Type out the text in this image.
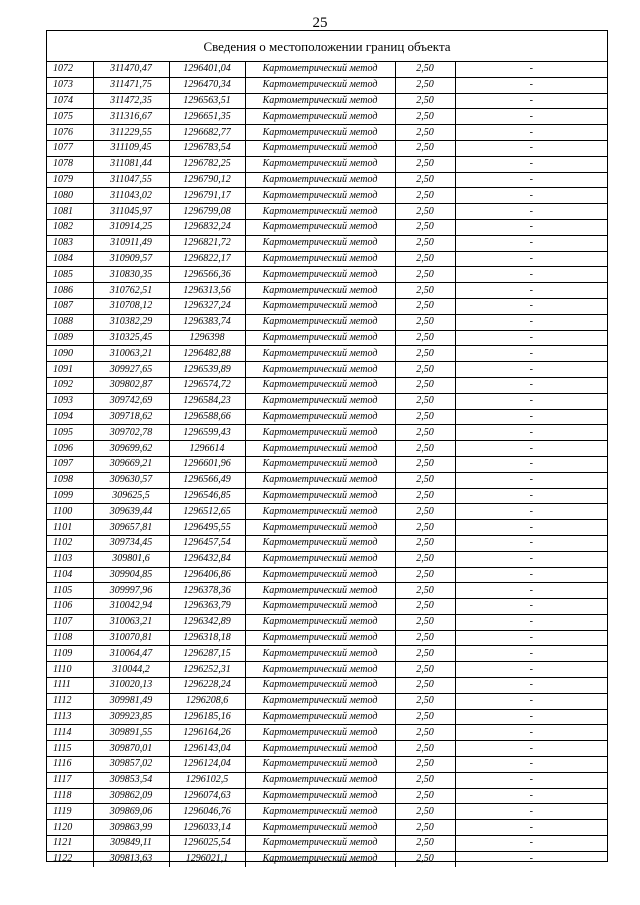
25
Сведения о местоположении границ объекта
1072	311470,47	1296401,04	Картометрический метод	2,50	-
1073	311471,75	1296470,34	Картометрический метод	2,50	-
1074	311472,35	1296563,51	Картометрический метод	2,50	-
1075	311316,67	1296651,35	Картометрический метод	2,50	-
1076	311229,55	1296682,77	Картометрический метод	2,50	-
1077	311109,45	1296783,54	Картометрический метод	2,50	-
1078	311081,44	1296782,25	Картометрический метод	2,50	-
1079	311047,55	1296790,12	Картометрический метод	2,50	-
1080	311043,02	1296791,17	Картометрический метод	2,50	-
1081	311045,97	1296799,08	Картометрический метод	2,50	-
1082	310914,25	1296832,24	Картометрический метод	2,50	-
1083	310911,49	1296821,72	Картометрический метод	2,50	-
1084	310909,57	1296822,17	Картометрический метод	2,50	-
1085	310830,35	1296566,36	Картометрический метод	2,50	-
1086	310762,51	1296313,56	Картометрический метод	2,50	-
1087	310708,12	1296327,24	Картометрический метод	2,50	-
1088	310382,29	1296383,74	Картометрический метод	2,50	-
1089	310325,45	1296398	Картометрический метод	2,50	-
1090	310063,21	1296482,88	Картометрический метод	2,50	-
1091	309927,65	1296539,89	Картометрический метод	2,50	-
1092	309802,87	1296574,72	Картометрический метод	2,50	-
1093	309742,69	1296584,23	Картометрический метод	2,50	-
1094	309718,62	1296588,66	Картометрический метод	2,50	-
1095	309702,78	1296599,43	Картометрический метод	2,50	-
1096	309699,62	1296614	Картометрический метод	2,50	-
1097	309669,21	1296601,96	Картометрический метод	2,50	-
1098	309630,57	1296566,49	Картометрический метод	2,50	-
1099	309625,5	1296546,85	Картометрический метод	2,50	-
1100	309639,44	1296512,65	Картометрический метод	2,50	-
1101	309657,81	1296495,55	Картометрический метод	2,50	-
1102	309734,45	1296457,54	Картометрический метод	2,50	-
1103	309801,6	1296432,84	Картометрический метод	2,50	-
1104	309904,85	1296406,86	Картометрический метод	2,50	-
1105	309997,96	1296378,36	Картометрический метод	2,50	-
1106	310042,94	1296363,79	Картометрический метод	2,50	-
1107	310063,21	1296342,89	Картометрический метод	2,50	-
1108	310070,81	1296318,18	Картометрический метод	2,50	-
1109	310064,47	1296287,15	Картометрический метод	2,50	-
1110	310044,2	1296252,31	Картометрический метод	2,50	-
1111	310020,13	1296228,24	Картометрический метод	2,50	-
1112	309981,49	1296208,6	Картометрический метод	2,50	-
1113	309923,85	1296185,16	Картометрический метод	2,50	-
1114	309891,55	1296164,26	Картометрический метод	2,50	-
1115	309870,01	1296143,04	Картометрический метод	2,50	-
1116	309857,02	1296124,04	Картометрический метод	2,50	-
1117	309853,54	1296102,5	Картометрический метод	2,50	-
1118	309862,09	1296074,63	Картометрический метод	2,50	-
1119	309869,06	1296046,76	Картометрический метод	2,50	-
1120	309863,99	1296033,14	Картометрический метод	2,50	-
1121	309849,11	1296025,54	Картометрический метод	2,50	-
1122	309813,63	1296021,1	Картометрический метод	2,50	-
